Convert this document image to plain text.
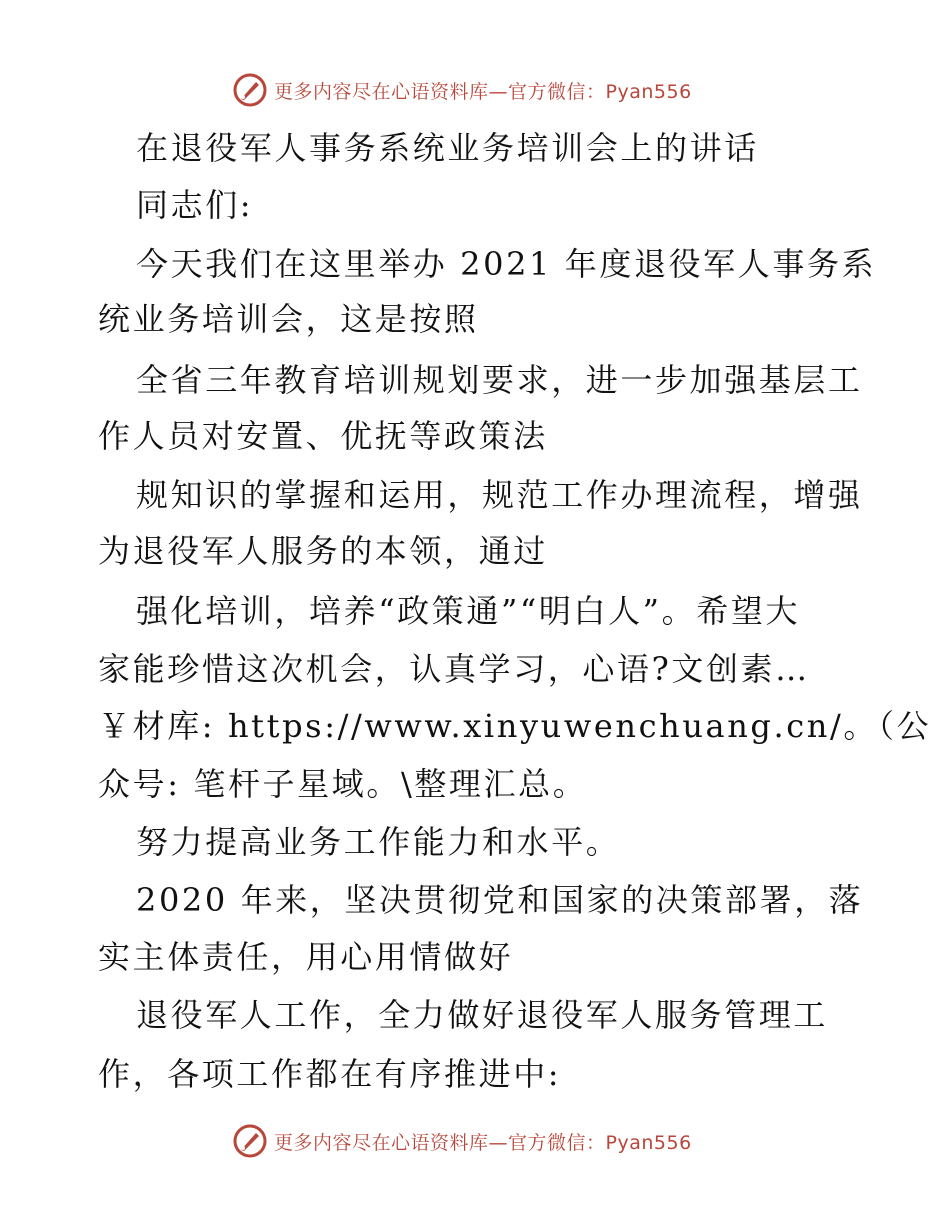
更多内容尽在心语资料库—官方微信：Pyan556
在退役军人事务系统业务培训会上的讲话
同志们:
今天我们在这里举办 2021 年度退役军人事务系
统业务培训会，这是按照
全省三年教育培训规划要求，进一步加强基层工
作人员对安置、优抚等政策法
规知识的掌握和运用，规范工作办理流程，增强
为退役军人服务的本领，通过
强化培训，培养“政策通”“明白人”。希望大
家能珍惜这次机会，认真学习，心语?文创素…
￥材库: https://www.xinyuwenchuang.cn/。（公
众号: 笔杆子星域。\整理汇总。
努力提高业务工作能力和水平。
2020 年来，坚决贯彻党和国家的决策部署，落
实主体责任，用心用情做好
退役军人工作，全力做好退役军人服务管理工
作，各项工作都在有序推进中:
更多内容尽在心语资料库—官方微信：Pyan556
